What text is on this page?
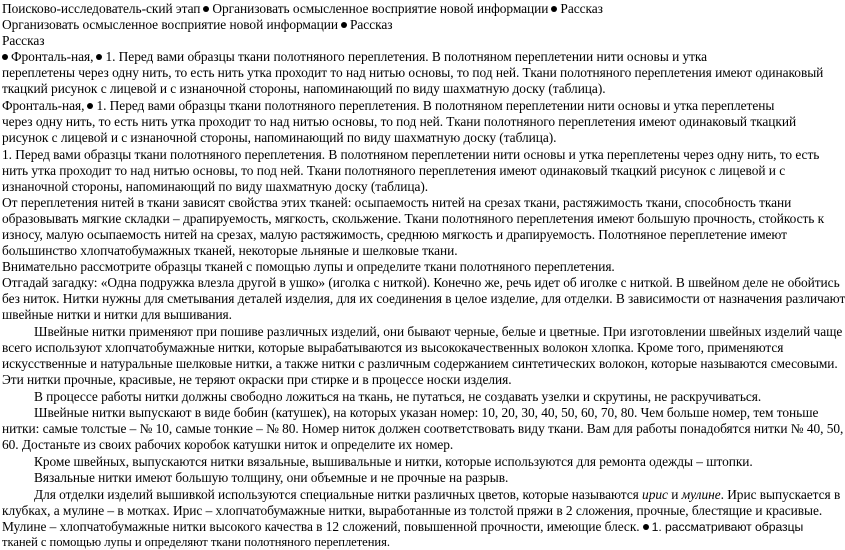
Поисково-исследователь-ский этап Организовать осмысленное восприятие новой информации Рассказ
Организовать осмысленное восприятие новой информации Рассказ
Рассказ
Фронталь-ная, 1. Перед вами образцы ткани полотняного переплетения. В полотняном переплетении нити основы и утка
переплетены через одну нить, то есть нить утка проходит то над нитью основы, то под ней. Ткани полотняного переплетения имеют одинаковый
ткацкий рисунок с лицевой и с изнаночной стороны, напоминающий по виду шахматную доску (таблица).
Фронталь-ная, 1. Перед вами образцы ткани полотняного переплетения. В полотняном переплетении нити основы и утка переплетены
через одну нить, то есть нить утка проходит то над нитью основы, то под ней. Ткани полотняного переплетения имеют одинаковый ткацкий
рисунок с лицевой и с изнаночной стороны, напоминающий по виду шахматную доску (таблица).
1. Перед вами образцы ткани полотняного переплетения. В полотняном переплетении нити основы и утка переплетены через одну нить, то есть
нить утка проходит то над нитью основы, то под ней. Ткани полотняного переплетения имеют одинаковый ткацкий рисунок с лицевой и с
изнаночной стороны, напоминающий по виду шахматную доску (таблица).
От переплетения нитей в ткани зависят свойства этих тканей: осыпаемость нитей на срезах ткани, растяжимость ткани, способность ткани
образовывать мягкие складки – драпируемость, мягкость, скольжение. Ткани полотняного переплетения имеют большую прочность, стойкость к
износу, малую осыпаемость нитей на срезах, малую растяжимость, среднюю мягкость и драпируемость. Полотняное переплетение имеют
большинство хлопчатобумажных тканей, некоторые льняные и шелковые ткани.
Внимательно рассмотрите образцы тканей с помощью лупы и определите ткани полотняного переплетения.
Отгадай загадку: «Одна подружка влезла другой в ушко» (иголка с ниткой). Конечно же, речь идет об иголке с ниткой. В швейном деле не обойтись
без ниток. Нитки нужны для сметывания деталей изделия, для их соединения в целое изделие, для отделки. В зависимости от назначения различают
швейные нитки и нитки для вышивания.
Швейные нитки применяют при пошиве различных изделий, они бывают черные, белые и цветные. При изготовлении швейных изделий чаще
всего используют хлопчатобумажные нитки, которые вырабатываются из высококачественных волокон хлопка. Кроме того, применяются
искусственные и натуральные шелковые нитки, а также нитки с различным содержанием синтетических волокон, которые называются смесовыми.
Эти нитки прочные, красивые, не теряют окраски при стирке и в процессе носки изделия.
В процессе работы нитки должны свободно ложиться на ткань, не путаться, не создавать узелки и скрутины, не раскручиваться.
Швейные нитки выпускают в виде бобин (катушек), на которых указан номер: 10, 20, 30, 40, 50, 60, 70, 80. Чем больше номер, тем тоньше
нитки: самые толстые – № 10, самые тонкие – № 80. Номер ниток должен соответствовать виду ткани. Вам для работы понадобятся нитки № 40, 50,
60. Достаньте из своих рабочих коробок катушки ниток и определите их номер.
Кроме швейных, выпускаются нитки вязальные, вышивальные и нитки, которые используются для ремонта одежды – штопки.
Вязальные нитки имеют большую толщину, они объемные и не прочные на разрыв.
Для отделки изделий вышивкой используются специальные нитки различных цветов, которые называются ирис и мулине. Ирис выпускается в
клубках, а мулине – в мотках. Ирис – хлопчатобумажные нитки, выработанные из толстой пряжи в 2 сложения, прочные, блестящие и красивые.
Мулине – хлопчатобумажные нитки высокого качества в 12 сложений, повышенной прочности, имеющие блеск. 1. рассматривают образцы
тканей с помощью лупы и определяют ткани полотняного переплетения.
